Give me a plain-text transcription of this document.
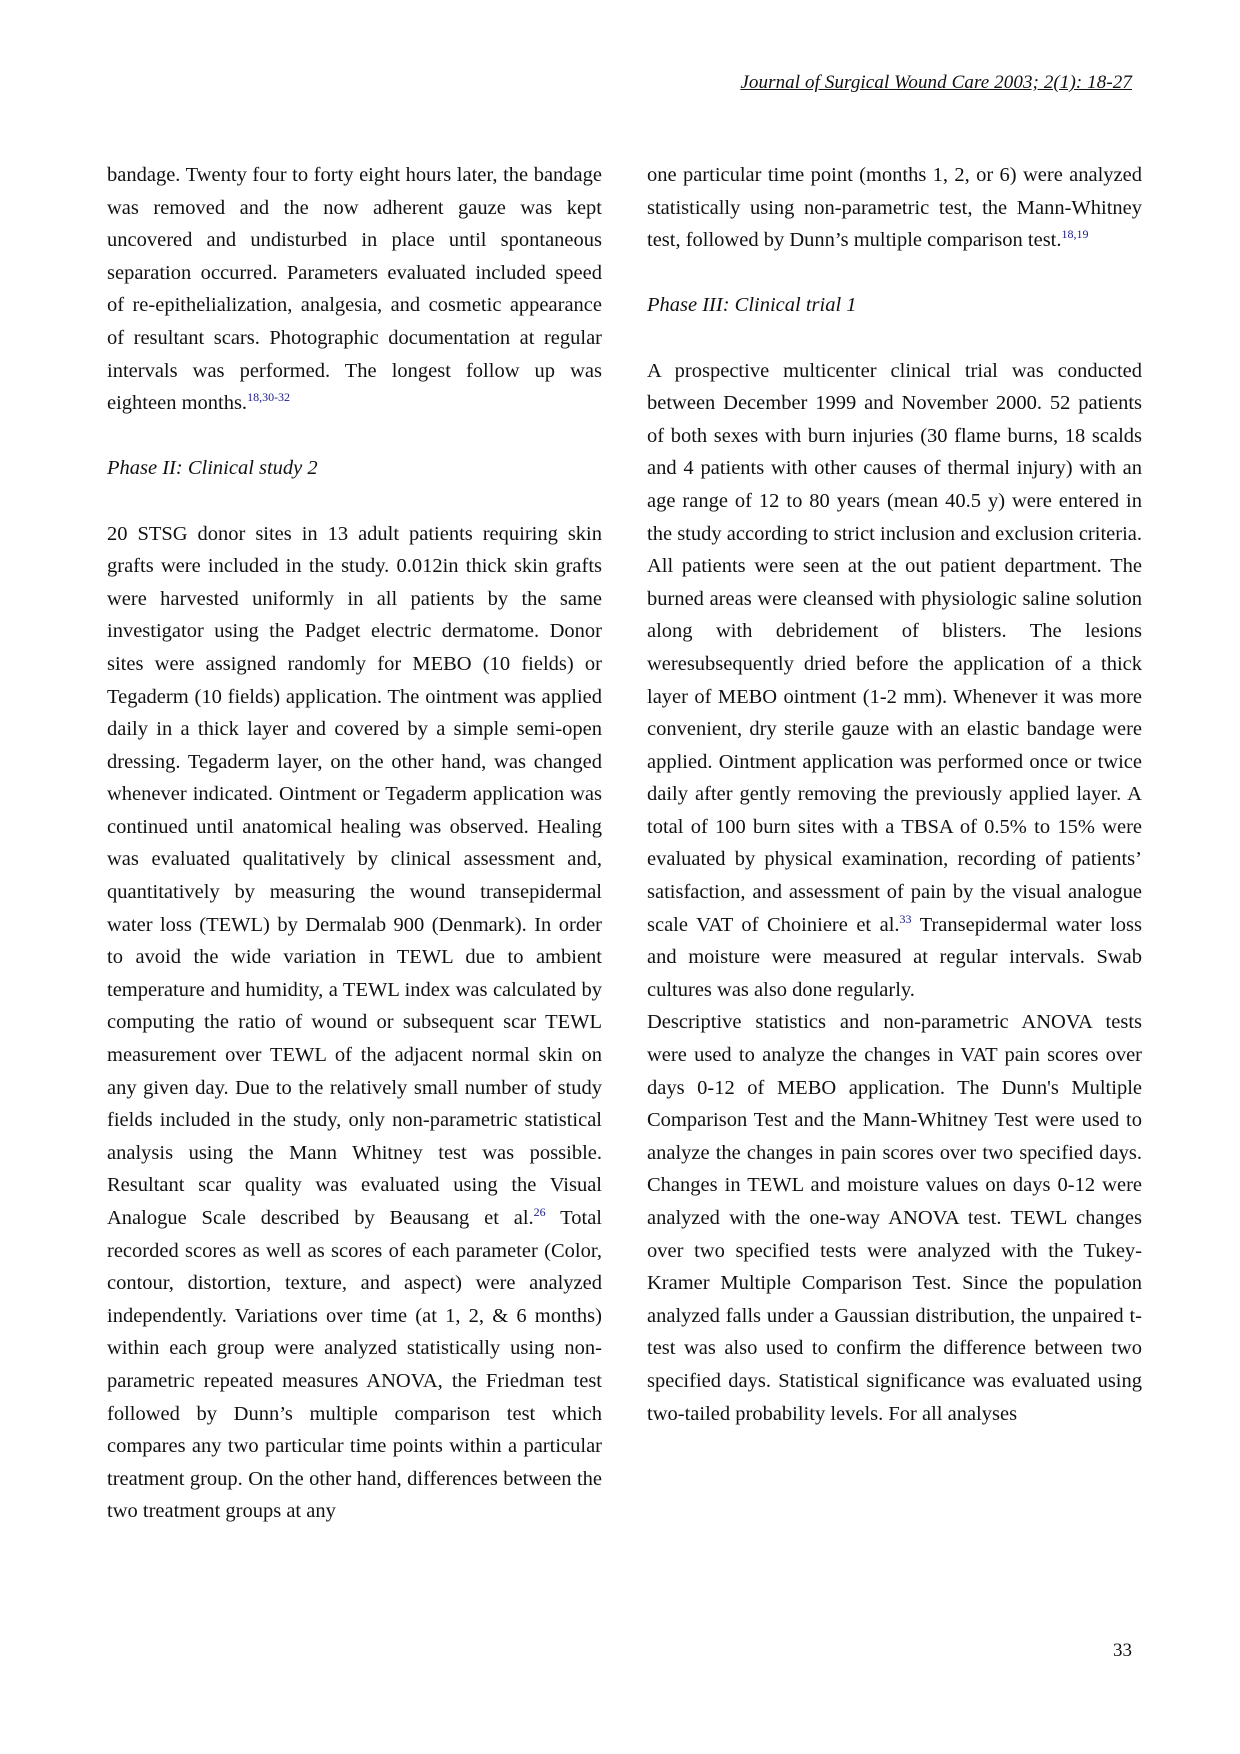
Journal of Surgical Wound Care 2003; 2(1): 18-27

bandage. Twenty four to forty eight hours later, the bandage was removed and the now adherent gauze was kept uncovered and undisturbed in place until spontaneous separation occurred. Parameters evaluated included speed of re-epithelialization, analgesia, and cosmetic appearance of resultant scars. Photographic documentation at regular intervals was performed. The longest follow up was eighteen months.$^{18,30-32}$

Phase II: Clinical study 2

20 STSG donor sites in 13 adult patients requiring skin grafts were included in the study. 0.012in thick skin grafts were harvested uniformly in all patients by the same investigator using the Padget electric dermatome. Donor sites were assigned randomly for MEBO (10 fields) or Tegaderm (10 fields) application. The ointment was applied daily in a thick layer and covered by a simple semi-open dressing. Tegaderm layer, on the other hand, was changed whenever indicated. Ointment or Tegaderm application was continued until anatomical healing was observed. Healing was evaluated qualitatively by clinical assessment and, quantitatively by measuring the wound transepidermal water loss (TEWL) by Dermalab 900 (Denmark). In order to avoid the wide variation in TEWL due to ambient temperature and humidity, a TEWL index was calculated by computing the ratio of wound or subsequent scar TEWL measurement over TEWL of the adjacent normal skin on any given day. Due to the relatively small number of study fields included in the study, only non-parametric statistical analysis using the Mann Whitney test was possible. Resultant scar quality was evaluated using the Visual Analogue Scale described by Beausang et al.$^{26}$ Total recorded scores as well as scores of each parameter (Color, contour, distortion, texture, and aspect) were analyzed independently. Variations over time (at 1, 2, & 6 months) within each group were analyzed statistically using non-parametric repeated measures ANOVA, the Friedman test followed by Dunn’s multiple comparison test which compares any two particular time points within a particular treatment group. On the other hand, differences between the two treatment groups at any

one particular time point (months 1, 2, or 6) were analyzed statistically using non-parametric test, the Mann-Whitney test, followed by Dunn’s multiple comparison test.$^{18,19}$

Phase III: Clinical trial 1

A prospective multicenter clinical trial was conducted between December 1999 and November 2000. 52 patients of both sexes with burn injuries (30 flame burns, 18 scalds and 4 patients with other causes of thermal injury) with an age range of 12 to 80 years (mean 40.5 y) were entered in the study according to strict inclusion and exclusion criteria. All patients were seen at the out patient department. The burned areas were cleansed with physiologic saline solution along with debridement of blisters. The lesions weresubsequently dried before the application of a thick layer of MEBO ointment (1-2 mm). Whenever it was more convenient, dry sterile gauze with an elastic bandage were applied. Ointment application was performed once or twice daily after gently removing the previously applied layer. A total of 100 burn sites with a TBSA of 0.5% to 15% were evaluated by physical examination, recording of patients’ satisfaction, and assessment of pain by the visual analogue scale VAT of Choiniere et al.$^{33}$ Transepidermal water loss and moisture were measured at regular intervals. Swab cultures was also done regularly.

Descriptive statistics and non-parametric ANOVA tests were used to analyze the changes in VAT pain scores over days 0-12 of MEBO application. The Dunn's Multiple Comparison Test and the Mann-Whitney Test were used to analyze the changes in pain scores over two specified days. Changes in TEWL and moisture values on days 0-12 were analyzed with the one-way ANOVA test. TEWL changes over two specified tests were analyzed with the Tukey-Kramer Multiple Comparison Test. Since the population analyzed falls under a Gaussian distribution, the unpaired t-test was also used to confirm the difference between two specified days. Statistical significance was evaluated using two-tailed probability levels. For all analyses

33
